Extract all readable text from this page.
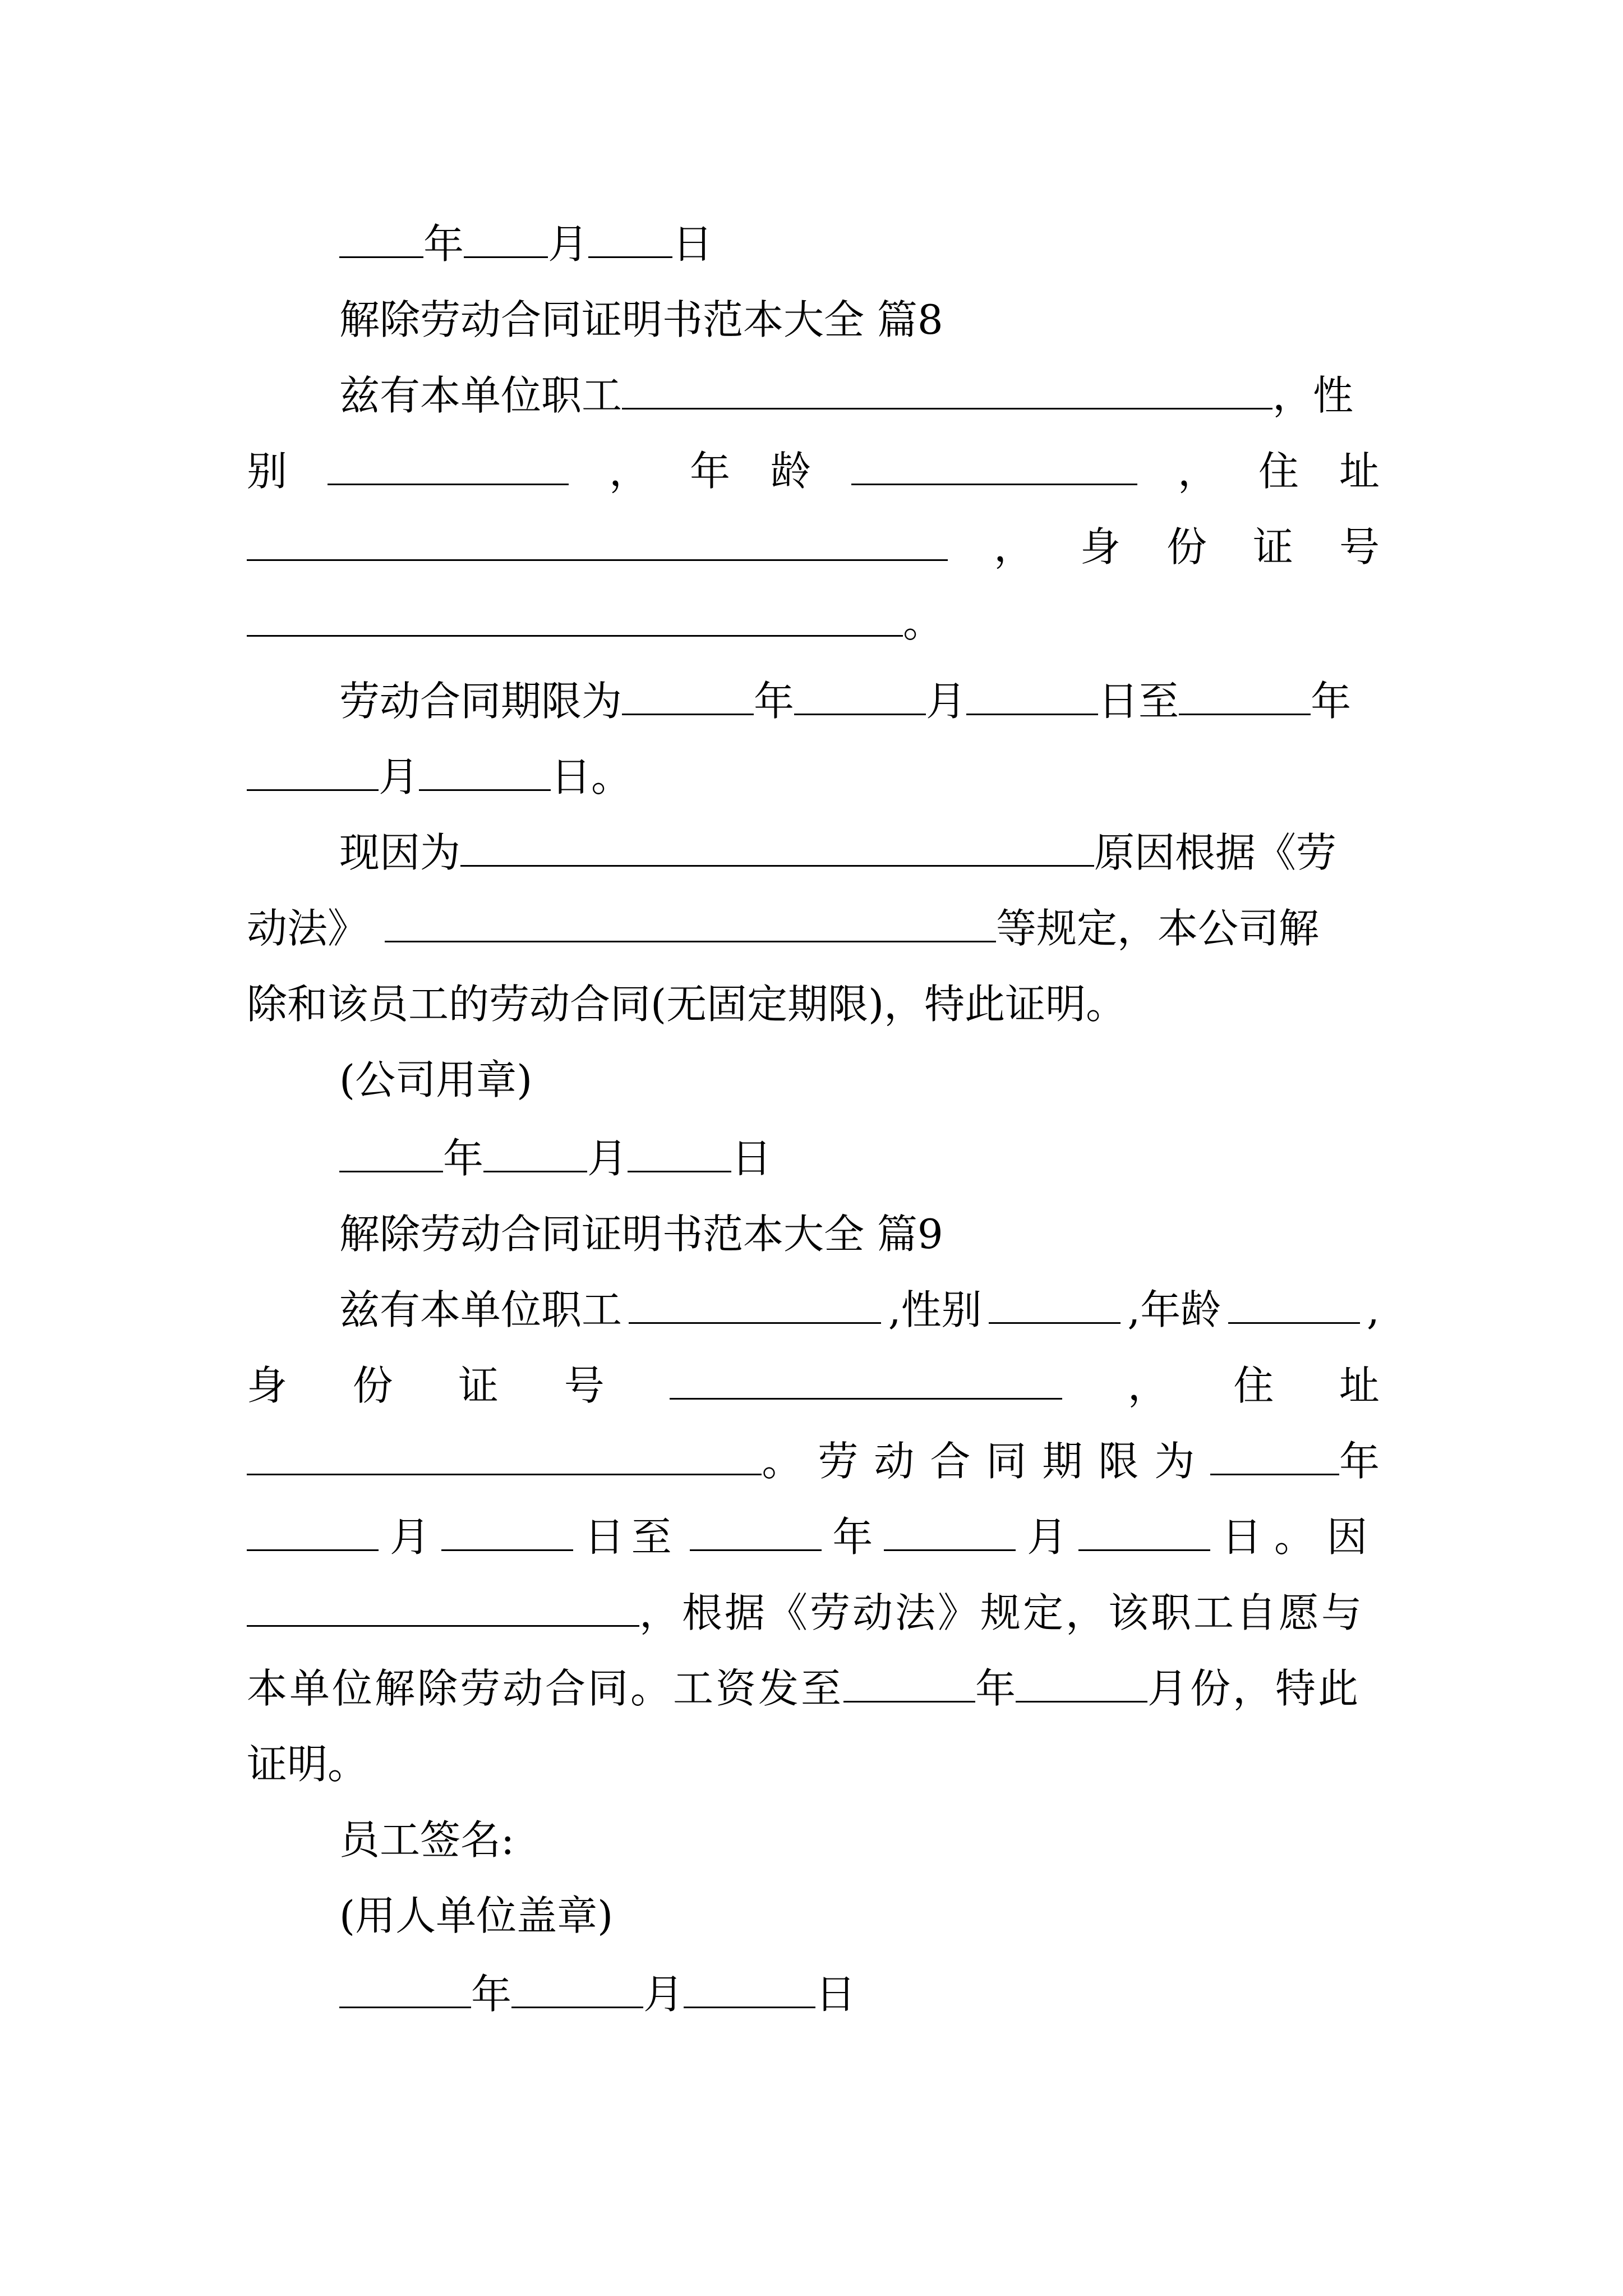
年 月 日
解除劳动合同证明书范本大全 篇8
兹有本单位职工	，性
别	， 年 龄	， 住 址
， 身 份 证 号
。
劳动合同期限为	年	月	日至	年
月	日。
现因为	原因根据《劳
动法》	等规定，本公司解
除和该员工的劳动合同(无固定期限)，特此证明。
(公司用章)
年	月	日
解除劳动合同证明书范本大全 篇9
兹有本单位职工	,性别	,年龄	,
身 份 证 号	， 住 址
。劳动合同期限为	年
月	日至	年	月	日。因
，根据《劳动法》规定，该职工自愿与
本单位解除劳动合同。工资发至	年	月份，特此
证明。
员工签名:
(用人单位盖章)
年	月	日
